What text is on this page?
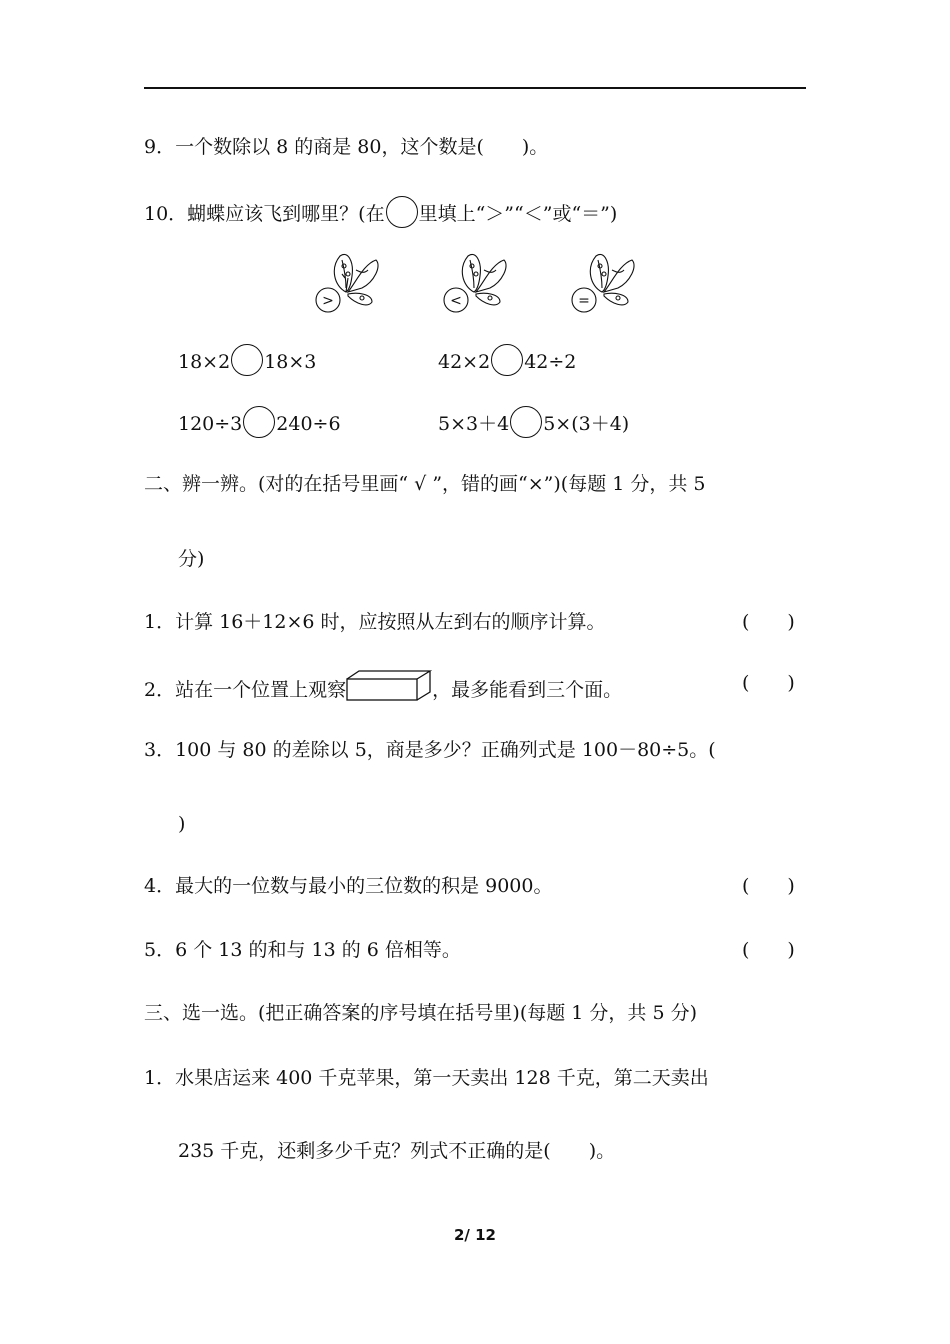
9．一个数除以 8 的商是 80，这个数是(　　)。
10．蝴蝶应该飞到哪里？(在 里填上“＞”“＜”或“＝”)
>	<	=
18×2 18×3	42×2 42÷2
120÷3 240÷6	5×3＋4 5×(3＋4)
二、辨一辨。(对的在括号里画“ √ ”，错的画“×”)(每题 1 分，共 5
分)
1．计算 16＋12×6 时，应按照从左到右的顺序计算。	(　　)
2．站在一个位置上观察	，最多能看到三个面。	(　　)
3．100 与 80 的差除以 5，商是多少？正确列式是 100－80÷5。(
)
4．最大的一位数与最小的三位数的积是 9000。	(　　)
5．6 个 13 的和与 13 的 6 倍相等。	(　　)
三、选一选。(把正确答案的序号填在括号里)(每题 1 分，共 5 分)
1．水果店运来 400 千克苹果，第一天卖出 128 千克，第二天卖出
235 千克，还剩多少千克？列式不正确的是(　　)。
2/ 12
